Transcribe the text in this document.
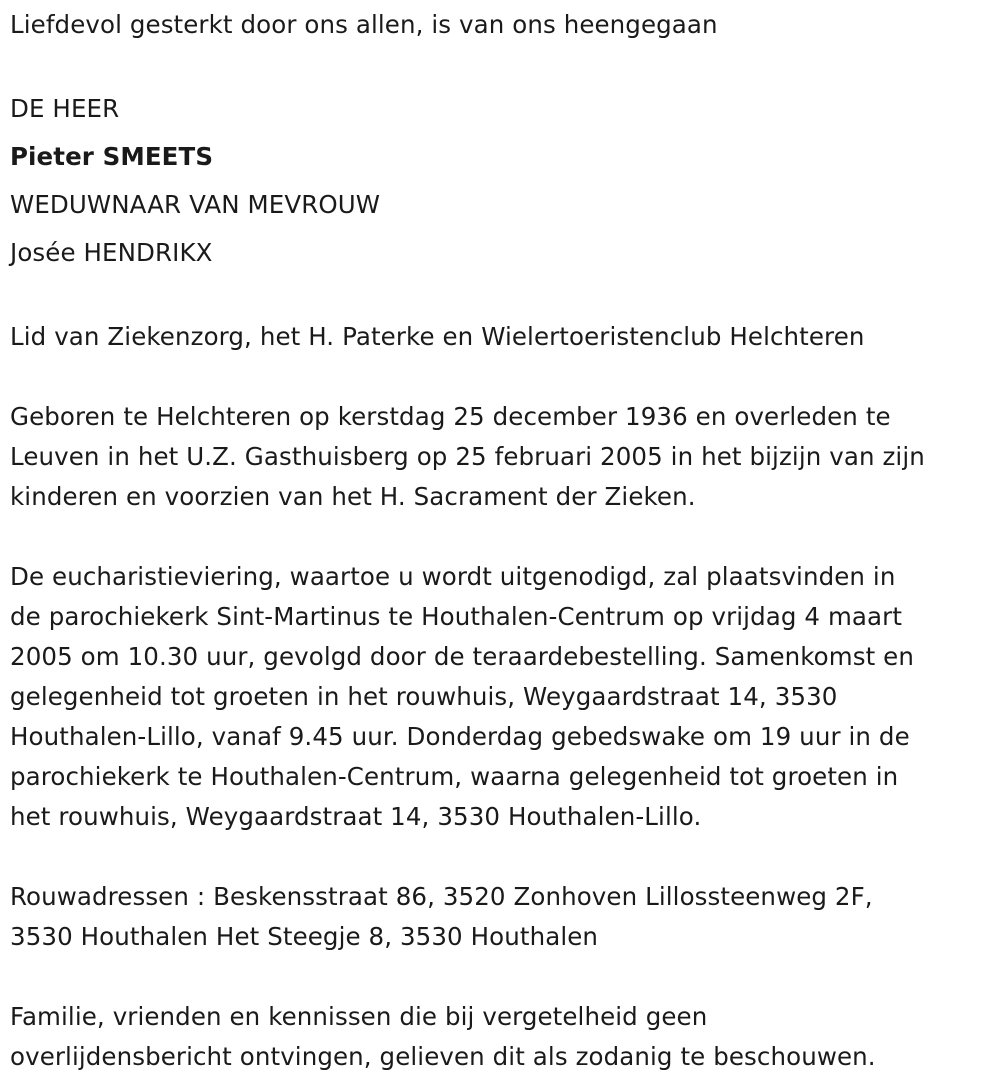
Liefdevol gesterkt door ons allen, is van ons heengegaan
DE HEER
Pieter SMEETS
WEDUWNAAR VAN MEVROUW
Josée HENDRIKX
Lid van Ziekenzorg, het H. Paterke en Wielertoeristenclub Helchteren
Geboren te Helchteren op kerstdag 25 december 1936 en overleden te
Leuven in het U.Z. Gasthuisberg op 25 februari 2005 in het bijzijn van zijn
kinderen en voorzien van het H. Sacrament der Zieken.
De eucharistieviering, waartoe u wordt uitgenodigd, zal plaatsvinden in
de parochiekerk Sint-Martinus te Houthalen-Centrum op vrijdag 4 maart
2005 om 10.30 uur, gevolgd door de teraardebestelling. Samenkomst en
gelegenheid tot groeten in het rouwhuis, Weygaardstraat 14, 3530
Houthalen-Lillo, vanaf 9.45 uur. Donderdag gebedswake om 19 uur in de
parochiekerk te Houthalen-Centrum, waarna gelegenheid tot groeten in
het rouwhuis, Weygaardstraat 14, 3530 Houthalen-Lillo.
Rouwadressen : Beskensstraat 86, 3520 Zonhoven Lillossteenweg 2F,
3530 Houthalen Het Steegje 8, 3530 Houthalen
Familie, vrienden en kennissen die bij vergetelheid geen
overlijdensbericht ontvingen, gelieven dit als zodanig te beschouwen.
